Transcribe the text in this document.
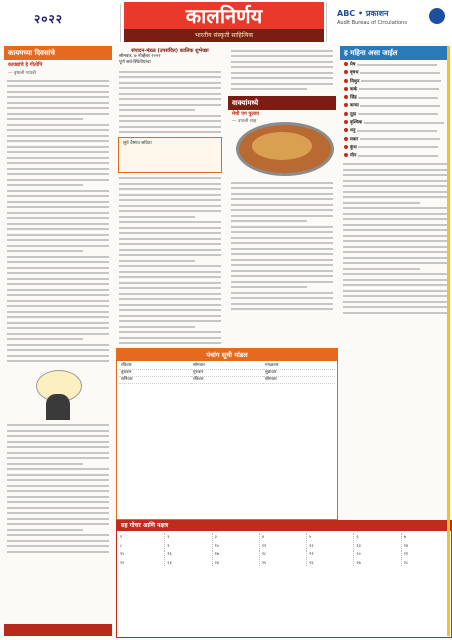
२०२२	कालनिर्णय
भारतीय संस्कृती साहित्यिक
ABC • प्रकाशन
Audit Bureau of Circulations
कायमच्या दिवसांचे
कायद्यांचे हे गीतोपि
— वृषाली गायत्री
संपादन-मंडळ (उपसंवित) कालिक शुभेच्छा
सोमवार, ७ नोव्हेंबर २०२२
पूर्ण सर्व-स्थितीयांचा
सूर्य वैष्णव सविता
वाक्यांमध्ये
मेथी एग पुलाव
— उपाली शाह
ह महिना असा जाईल
मेष
वृषभ
मिथुन
कर्क
सिंह
कन्या
तूळ
वृश्चिक
धनु
मकर
कुंभ
मीन
पंचांग सूची मांडल
रविवार	सोमवार	मंगळवार
बुधवार	गुरुवार	शुक्रवार
शनिवार	रविवार	सोमवार
ग्रह गोचर आणि नक्षत्र
१	२	३	४	५	६	७
८	९	१०	११	१२	१३	१४
१५	१६	१७	१८	१९	२०	२१
२२	२३	२४	२५	२६	२७	२८
